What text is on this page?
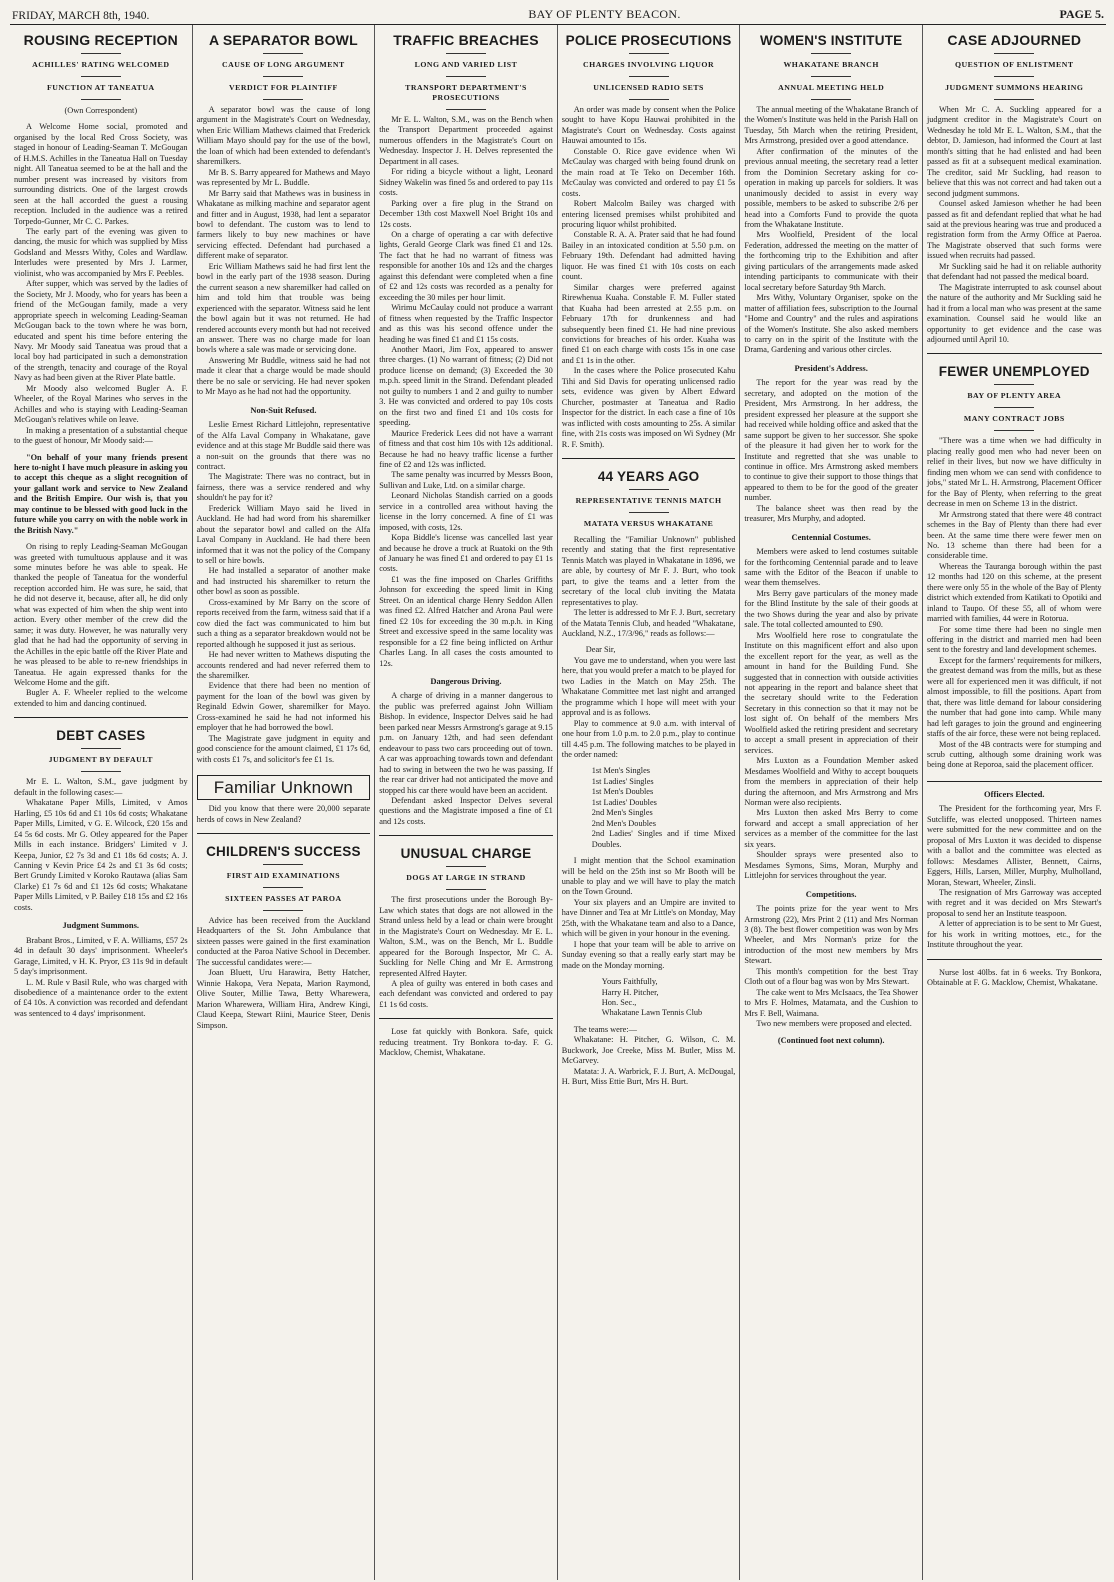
FRIDAY, MARCH 8th, 1940.	BAY OF PLENTY BEACON.	PAGE 5.
ROUSING RECEPTION
ACHILLES' RATING WELCOMED
FUNCTION AT TANEATUA
(Own Correspondent)

A Welcome Home social, promoted and organised by the local Red Cross Society, was staged in honour of Leading-Seaman T. McGougan of H.M.S. Achilles in the Taneatua Hall on Tuesday night. All Taneatua seemed to be at the hall and the number present was increased by visitors from surrounding districts. One of the largest crowds seen at the hall accorded the guest a rousing reception. Included in the audience was a retired Torpedo-Gunner, Mr C. C. Parkes.

The early part of the evening was given to dancing, the music for which was supplied by Miss Godsland and Messrs Withy, Coles and Wardlaw. Interludes were presented by Mrs J. Larmer, violinist, who was accompanied by Mrs F. Peebles.

After supper, which was served by the ladies of the Society, Mr J. Moody, who for years has been a friend of the McGougan family, made a very appropriate speech in welcoming Leading-Seaman McGougan back to the town where he was born, educated and spent his time before entering the Navy. Mr Moody said Taneatua was proud that a local boy had participated in such a demonstration of the strength, tenacity and courage of the Royal Navy as had been given at the River Plate battle.

Mr Moody also welcomed Bugler A. F. Wheeler, of the Royal Marines who serves in the Achilles and who is staying with Leading-Seaman McGougan's relatives while on leave.

In making a presentation of a substantial cheque to the guest of honour, Mr Moody said:—

"On behalf of your many friends present here to-night I have much pleasure in asking you to accept this cheque as a slight recognition of your gallant work and service to New Zealand and the British Empire. Our wish is, that you may continue to be blessed with good luck in the future while you carry on with the noble work in the British Navy."

On rising to reply Leading-Seaman McGougan was greeted with tumultuous applause and it was some minutes before he was able to speak. He thanked the people of Taneatua for the wonderful reception accorded him. He was sure, he said, that he did not deserve it, because, after all, he did only what was expected of him when the ship went into action. Every other member of the crew did the same; it was duty. However, he was naturally very glad that he had had the opportunity of serving in the Achilles in the epic battle off the River Plate and he was pleased to be able to re-new friendships in Taneatua. He again expressed thanks for the Welcome Home and the gift.

Bugler A. F. Wheeler replied to the welcome extended to him and dancing continued.

DEBT CASES
JUDGMENT BY DEFAULT

Mr E. L. Walton, S.M., gave judgment by default in the following cases:—

Whakatane Paper Mills, Limited, v Amos Harling, £5 10s 6d and £1 10s 6d costs; Whakatane Paper Mills, Limited, v G. E. Wilcock, £20 15s and £4 5s 6d costs. Mr G. Otley appeared for the Paper Mills in each instance. Bridgers' Limited v J. Keepa, Junior, £2 7s 3d and £1 18s 6d costs; A. J. Canning v Kevin Price £4 2s and £1 3s 6d costs; Bert Grundy Limited v Koroko Rautawa (alias Sam Clarke) £1 7s 6d and £1 12s 6d costs; Whakatane Paper Mills Limited, v P. Bailey £18 15s and £2 16s costs.

Judgment Summons.

Brabant Bros., Limited, v F. A. Williams, £57 2s 4d in default 30 days' imprisonment. Wheeler's Garage, Limited, v H. K. Pryor, £3 11s 9d in default 5 day's imprisonment.

L. M. Rule v Basil Rule, who was charged with disobedience of a maintenance order to the extent of £4 10s. A conviction was recorded and defendant was sentenced to 4 days' imprisonment.

A SEPARATOR BOWL
CAUSE OF LONG ARGUMENT
VERDICT FOR PLAINTIFF

A separator bowl was the cause of long argument in the Magistrate's Court on Wednesday, when Eric William Mathews claimed that Frederick William Mayo should pay for the use of the bowl, the loan of which had been extended to defendant's sharemilkers.

Mr B. S. Barry appeared for Mathews and Mayo was represented by Mr L. Buddle.

Mr Barry said that Mathews was in business in Whakatane as milking machine and separator agent and fitter and in August, 1938, had lent a separator bowl to defendant. The custom was to lend to farmers likely to buy new machines or have servicing effected. Defendant had purchased a different make of separator.

Eric William Mathews said he had first lent the bowl in the early part of the 1938 season. During the current season a new sharemilker had called on him and told him that trouble was being experienced with the separator. Witness said he lent the bowl again but it was not returned. He had rendered accounts every month but had not received an answer. There was no charge made for loan bowls where a sale was made or servicing done.

Answering Mr Buddle, witness said he had not made it clear that a charge would be made should there be no sale or servicing. He had never spoken to Mr Mayo as he had not had the opportunity.

Non-Suit Refused.

Leslie Ernest Richard Littlejohn, representative of the Alfa Laval Company in Whakatane, gave evidence and at this stage Mr Buddle said there was a non-suit on the grounds that there was no contract.

The Magistrate: There was no contract, but in fairness, there was a service rendered and why shouldn't he pay for it?

Frederick William Mayo said he lived in Auckland. He had had word from his sharemilker about the separator bowl and called on the Alfa Laval Company in Auckland. He had there been informed that it was not the policy of the Company to sell or hire bowls.

He had installed a separator of another make and had instructed his sharemilker to return the other bowl as soon as possible.

Cross-examined by Mr Barry on the score of reports received from the farm, witness said that if a cow died the fact was communicated to him but such a thing as a separator breakdown would not be reported although he supposed it just as serious.

He had never written to Mathews disputing the accounts rendered and had never referred them to the sharemilker.

Evidence that there had been no mention of payment for the loan of the bowl was given by Reginald Edwin Gower, sharemilker for Mayo. Cross-examined he said he had not informed his employer that he had borrowed the bowl.

The Magistrate gave judgment in equity and good conscience for the amount claimed, £1 17s 6d, with costs £1 7s, and solicitor's fee £1 1s.

Familiar Unknown

Did you know that there were 20,000 separate herds of cows in New Zealand?

CHILDREN'S SUCCESS
FIRST AID EXAMINATIONS
SIXTEEN PASSES AT PAROA

Advice has been received from the Auckland Headquarters of the St. John Ambulance that sixteen passes were gained in the first examination conducted at the Paroa Native School in December. The successful candidates were:—

Joan Bluett, Uru Harawira, Betty Hatcher, Winnie Hakopa, Vera Nepata, Marion Raymond, Olive Souter, Millie Tawa, Betty Wharewera, Marion Wharewera, William Hira, Andrew Kingi, Claud Keepa, Stewart Riini, Maurice Steer, Denis Simpson.

TRAFFIC BREACHES
LONG AND VARIED LIST
TRANSPORT DEPARTMENT'S PROSECUTIONS

Mr E. L. Walton, S.M., was on the Bench when the Transport Department proceeded against numerous offenders in the Magistrate's Court on Wednesday. Inspector J. H. Delves represented the Department in all cases.

For riding a bicycle without a light, Leonard Sidney Wakelin was fined 5s and ordered to pay 11s costs.

Parking over a fire plug in the Strand on December 13th cost Maxwell Noel Bright 10s and 12s costs.

On a charge of operating a car with defective lights, Gerald George Clark was fined £1 and 12s. The fact that he had no warrant of fitness was responsible for another 10s and 12s and the charges against this defendant were completed when a fine of £2 and 12s costs was recorded as a penalty for exceeding the 30 miles per hour limit.

Wirimu McCaulay could not produce a warrant of fitness when requested by the Traffic Inspector and as this was his second offence under the heading he was fined £1 and £1 15s costs.

Another Maori, Jim Fox, appeared to answer three charges. (1) No warrant of fitness; (2) Did not produce license on demand; (3) Exceeded the 30 m.p.h. speed limit in the Strand. Defendant pleaded not guilty to numbers 1 and 2 and guilty to number 3. He was convicted and ordered to pay 10s costs on the first two and fined £1 and 10s costs for speeding.

Maurice Frederick Lees did not have a warrant of fitness and that cost him 10s with 12s additional. Because he had no heavy traffic license a further fine of £2 and 12s was inflicted.

The same penalty was incurred by Messrs Boon, Sullivan and Luke, Ltd. on a similar charge.

Leonard Nicholas Standish carried on a goods service in a controlled area without having the license in the lorry concerned. A fine of £1 was imposed, with costs, 12s.

Kopa Biddle's license was cancelled last year and because he drove a truck at Ruatoki on the 9th of January he was fined £1 and ordered to pay £1 1s costs.

£1 was the fine imposed on Charles Griffiths Johnson for exceeding the speed limit in King Street. On an identical charge Henry Seddon Allen was fined £2. Alfred Hatcher and Arona Paul were fined £2 10s for exceeding the 30 m.p.h. in King Street and excessive speed in the same locality was responsible for a £2 fine being inflicted on Arthur Charles Lang. In all cases the costs amounted to 12s.

Dangerous Driving.

A charge of driving in a manner dangerous to the public was preferred against John William Bishop. In evidence, Inspector Delves said he had been parked near Messrs Armstrong's garage at 9.15 p.m. on January 12th, and had seen defendant endeavour to pass two cars proceeding out of town. A car was approaching towards town and defendant had to swing in between the two he was passing. If the rear car driver had not anticipated the move and stopped his car there would have been an accident.

Defendant asked Inspector Delves several questions and the Magistrate imposed a fine of £1 and 12s costs.

UNUSUAL CHARGE
DOGS AT LARGE IN STRAND

The first prosecutions under the Borough By-Law which states that dogs are not allowed in the Strand unless held by a lead or chain were brought in the Magistrate's Court on Wednesday. Mr E. L. Walton, S.M., was on the Bench, Mr L. Buddle appeared for the Borough Inspector, Mr C. A. Suckling for Nelle Ching and Mr E. Armstrong represented Alfred Hayter.

A plea of guilty was entered in both cases and each defendant was convicted and ordered to pay £1 1s 6d costs.

Lose fat quickly with Bonkora. Safe, quick reducing treatment. Try Bonkora to-day. F. G. Macklow, Chemist, Whakatane.

POLICE PROSECUTIONS
CHARGES INVOLVING LIQUOR
UNLICENSED RADIO SETS

An order was made by consent when the Police sought to have Kopu Hauwai prohibited in the Magistrate's Court on Wednesday. Costs against Hauwai amounted to 15s.

Constable O. Rice gave evidence when Wi McCaulay was charged with being found drunk on the main road at Te Teko on December 16th. McCaulay was convicted and ordered to pay £1 5s costs.

Robert Malcolm Bailey was charged with entering licensed premises whilst prohibited and procuring liquor whilst prohibited.

Constable R. A. A. Prater said that he had found Bailey in an intoxicated condition at 5.50 p.m. on February 19th. Defendant had admitted having liquor. He was fined £1 with 10s costs on each count.

Similar charges were preferred against Rirewhenua Kuaha. Constable F. M. Fuller stated that Kuaha had been arrested at 2.55 p.m. on February 17th for drunkenness and had subsequently been fined £1. He had nine previous convictions for breaches of his order. Kuaha was fined £1 on each charge with costs 15s in one case and £1 1s in the other.

In the cases where the Police prosecuted Kahu Tihi and Sid Davis for operating unlicensed radio sets, evidence was given by Albert Edward Churcher, postmaster at Taneatua and Radio Inspector for the district. In each case a fine of 10s was inflicted with costs amounting to 25s. A similar fine, with 21s costs was imposed on Wi Sydney (Mr R. F. Smith).

44 YEARS AGO
REPRESENTATIVE TENNIS MATCH
MATATA VERSUS WHAKATANE

Recalling the "Familiar Unknown" published recently and stating that the first representative Tennis Match was played in Whakatane in 1896, we are able, by courtesy of Mr F. J. Burt, who took part, to give the teams and a letter from the secretary of the local club inviting the Matata representatives to play.

The letter is addressed to Mr F. J. Burt, secretary of the Matata Tennis Club, and headed "Whakatane, Auckland, N.Z., 17/3/96," reads as follows:—

Dear Sir,

You gave me to understand, when you were last here, that you would prefer a match to be played for two Ladies in the Match on May 25th. The Whakatane Committee met last night and arranged the programme which I hope will meet with your approval and is as follows.

Play to commence at 9.0 a.m. with interval of one hour from 1.0 p.m. to 2.0 p.m., play to continue till 4.45 p.m. The following matches to be played in the order named:

1st Men's Singles
1st Ladies' Singles
1st Men's Doubles
1st Ladies' Doubles
2nd Men's Singles
2nd Men's Doubles
2nd Ladies' Singles and if time Mixed Doubles.

I might mention that the School examination will be held on the 25th inst so Mr Booth will be unable to play and we will have to play the match on the Town Ground.

Your six players and an Umpire are invited to have Dinner and Tea at Mr Little's on Monday, May 25th, with the Whakatane team and also to a Dance, which will be given in your honour in the evening.

I hope that your team will be able to arrive on Sunday evening so that a really early start may be made on the Monday morning.

Yours Faithfully,
Harry H. Pitcher,
Hon. Sec.,
Whakatane Lawn Tennis Club

The teams were:—

Whakatane: H. Pitcher, G. Wilson, C. M. Buckwork, Joe Creeke, Miss M. Butler, Miss M. McGarvey.

Matata: J. A. Warbrick, F. J. Burt, A. McDougal, H. Burt, Miss Ettie Burt, Mrs H. Burt.

WOMEN'S INSTITUTE
WHAKATANE BRANCH
ANNUAL MEETING HELD

The annual meeting of the Whakatane Branch of the Women's Institute was held in the Parish Hall on Tuesday, 5th March when the retiring President, Mrs Armstrong, presided over a good attendance.

After confirmation of the minutes of the previous annual meeting, the secretary read a letter from the Dominion Secretary asking for co-operation in making up parcels for soldiers. It was unanimously decided to assist in every way possible, members to be asked to subscribe 2/6 per head into a Comforts Fund to provide the quota from the Whakatane Institute.

Mrs Woolfield, President of the local Federation, addressed the meeting on the matter of the forthcoming trip to the Exhibition and after giving particulars of the arrangements made asked intending participants to communicate with their local secretary before Saturday 9th March.

Mrs Withy, Voluntary Organiser, spoke on the matter of affiliation fees, subscription to the Journal "Home and Country" and the rules and aspirations of the Women's Institute. She also asked members to carry on in the spirit of the Institute with the Drama, Gardening and various other circles.

President's Address.

The report for the year was read by the secretary, and adopted on the motion of the President, Mrs Armstrong. In her address, the president expressed her pleasure at the support she had received while holding office and asked that the same support be given to her successor. She spoke of the pleasure it had given her to work for the Institute and regretted that she was unable to continue in office. Mrs Armstrong asked members to continue to give their support to those things that appeared to them to be for the good of the greater number.

The balance sheet was then read by the treasurer, Mrs Murphy, and adopted.

Centennial Costumes.

Members were asked to lend costumes suitable for the forthcoming Centennial parade and to leave same with the Editor of the Beacon if unable to wear them themselves.

Mrs Berry gave particulars of the money made for the Blind Institute by the sale of their goods at the two Shows during the year and also by private sale. The total collected amounted to £90.

Mrs Woolfield here rose to congratulate the Institute on this magnificent effort and also upon the excellent report for the year, as well as the amount in hand for the Building Fund. She suggested that in connection with outside activities not appearing in the report and balance sheet that the secretary should write to the Federation Secretary in this connection so that it may not be lost sight of. On behalf of the members Mrs Woolfield asked the retiring president and secretary to accept a small present in appreciation of their services.

Mrs Luxton as a Foundation Member asked Mesdames Woolfield and Withy to accept bouquets from the members in appreciation of their help during the afternoon, and Mrs Armstrong and Mrs Norman were also recipients.

Mrs Luxton then asked Mrs Berry to come forward and accept a small appreciation of her services as a member of the committee for the last six years.

Shoulder sprays were presented also to Mesdames Symons, Sims, Moran, Murphy and Littlejohn for services throughout the year.

Competitions.

The points prize for the year went to Mrs Armstrong (22), Mrs Print 2 (11) and Mrs Norman 3 (8). The best flower competition was won by Mrs Wheeler, and Mrs Norman's prize for the introduction of the most new members by Mrs Stewart.

This month's competition for the best Tray Cloth out of a flour bag was won by Mrs Stewart.

The cake went to Mrs McIsaacs, the Tea Shower to Mrs F. Holmes, Matamata, and the Cushion to Mrs F. Bell, Waimana.

Two new members were proposed and elected.

(Continued foot next column).
CASE ADJOURNED
QUESTION OF ENLISTMENT
JUDGMENT SUMMONS HEARING

When Mr C. A. Suckling appeared for a judgment creditor in the Magistrate's Court on Wednesday he told Mr E. L. Walton, S.M., that the debtor, D. Jamieson, had informed the Court at last month's sitting that he had enlisted and had been passed as fit at a subsequent medical examination. The creditor, said Mr Suckling, had reason to believe that this was not correct and had taken out a second judgment summons.

Counsel asked Jamieson whether he had been passed as fit and defendant replied that what he had said at the previous hearing was true and produced a registration form from the Army Office at Paeroa. The Magistrate observed that such forms were issued when recruits had passed.

Mr Suckling said he had it on reliable authority that defendant had not passed the medical board.

The Magistrate interrupted to ask counsel about the nature of the authority and Mr Suckling said he had it from a local man who was present at the same examination. Counsel said he would like an opportunity to get evidence and the case was adjourned until April 10.

FEWER UNEMPLOYED
BAY OF PLENTY AREA
MANY CONTRACT JOBS

"There was a time when we had difficulty in placing really good men who had never been on relief in their lives, but now we have difficulty in finding men whom we can send with confidence to jobs," stated Mr L. H. Armstrong, Placement Officer for the Bay of Plenty, when referring to the great decrease in men on Scheme 13 in the district.

Mr Armstrong stated that there were 48 contract schemes in the Bay of Plenty than there had ever been. At the same time there were fewer men on No. 13 scheme than there had been for a considerable time.

Whereas the Tauranga borough within the past 12 months had 120 on this scheme, at the present there were only 55 in the whole of the Bay of Plenty district which extended from Katikati to Opotiki and inland to Taupo. Of these 55, all of whom were married with families, 44 were in Rotorua.

For some time there had been no single men offering in the district and married men had been sent to the forestry and land development schemes.

Except for the farmers' requirements for milkers, the greatest demand was from the mills, but as these were all for experienced men it was difficult, if not almost impossible, to fill the positions. Apart from that, there was little demand for labour considering the number that had gone into camp. While many had left garages to join the ground and engineering staffs of the air force, these were not being replaced.

Most of the 4B contracts were for stumping and scrub cutting, although some draining work was being done at Reporoa, said the placement officer.

Officers Elected.

The President for the forthcoming year, Mrs F. Sutcliffe, was elected unopposed. Thirteen names were submitted for the new committee and on the proposal of Mrs Luxton it was decided to dispense with a ballot and the committee was elected as follows: Mesdames Allister, Bennett, Cairns, Eggers, Hills, Larsen, Miller, Murphy, Mulholland, Moran, Stewart, Wheeler, Zinsli.

The resignation of Mrs Garroway was accepted with regret and it was decided on Mrs Stewart's proposal to send her an Institute teaspoon.

A letter of appreciation is to be sent to Mr Guest, for his work in writing mottoes, etc., for the Institute throughout the year.

Nurse lost 40lbs. fat in 6 weeks. Try Bonkora, Obtainable at F. G. Macklow, Chemist, Whakatane.
